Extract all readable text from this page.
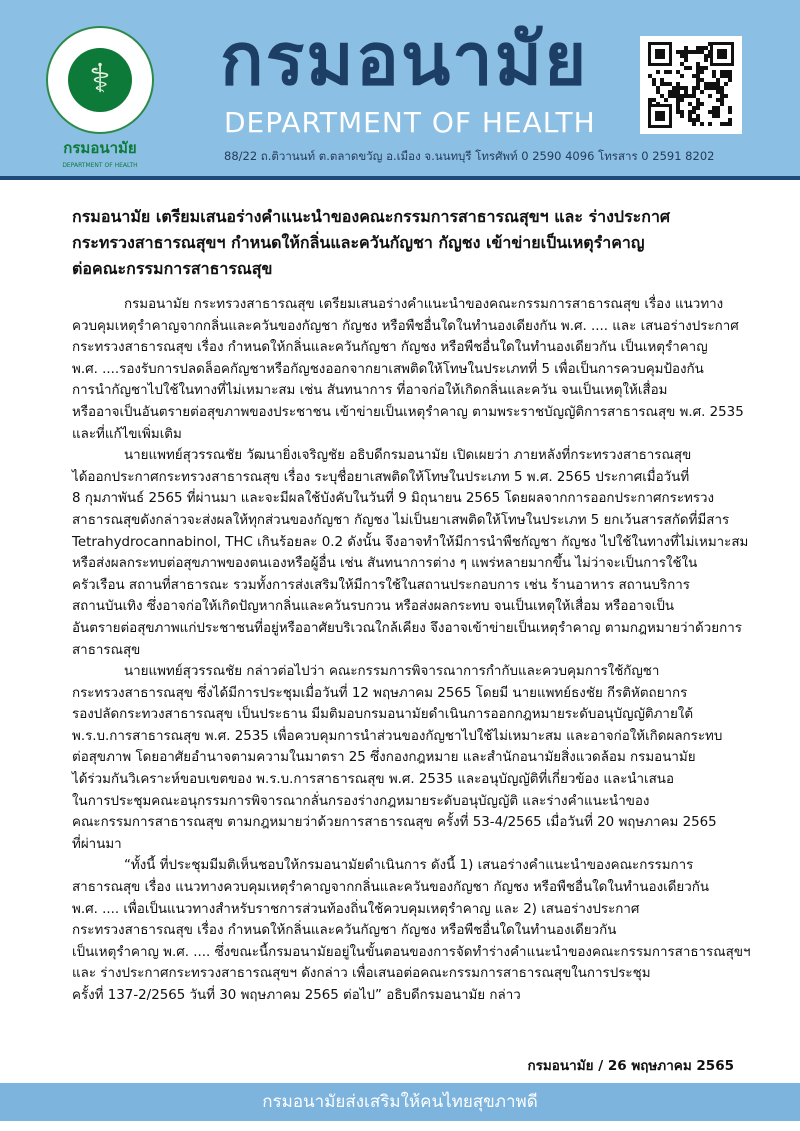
⚕
กรมอนามัย
DEPARTMENT OF HEALTH
กรมอนามัย
DEPARTMENT OF HEALTH
88/22 ถ.ติวานนท์ ต.ตลาดขวัญ อ.เมือง จ.นนทบุรี โทรศัพท์ 0 2590 4096 โทรสาร 0 2591 8202
กรมอนามัย เตรียมเสนอร่างคำแนะนำของคณะกรรมการสาธารณสุขฯ และ ร่างประกาศ
กระทรวงสาธารณสุขฯ กำหนดให้กลิ่นและควันกัญชา กัญชง เข้าข่ายเป็นเหตุรำคาญ
ต่อคณะกรรมการสาธารณสุข
กรมอนามัย กระทรวงสาธารณสุข เตรียมเสนอร่างคำแนะนำของคณะกรรมการสาธารณสุข เรื่อง แนวทาง
ควบคุมเหตุรำคาญจากกลิ่นและควันของกัญชา กัญชง หรือพืชอื่นใดในทำนองเดียงกัน พ.ศ. .... และ เสนอร่างประกาศ
กระทรวงสาธารณสุข เรื่อง กำหนดให้กลิ่นและควันกัญชา กัญชง หรือพืชอื่นใดในทำนองเดียวกัน เป็นเหตุรำคาญ
พ.ศ. ....รองรับการปลดล็อคกัญชาหรือกัญชงออกจากยาเสพติดให้โทษในประเภทที่ 5 เพื่อเป็นการควบคุมป้องกัน
การนำกัญชาไปใช้ในทางที่ไม่เหมาะสม เช่น สันทนาการ ที่อาจก่อให้เกิดกลิ่นและควัน จนเป็นเหตุให้เสื่อม
หรืออาจเป็นอันตรายต่อสุขภาพของประชาชน เข้าข่ายเป็นเหตุรำคาญ ตามพระราชบัญญัติการสาธารณสุข พ.ศ. 2535
และที่แก้ไขเพิ่มเติม
นายแพทย์สุวรรณชัย วัฒนายิ่งเจริญชัย อธิบดีกรมอนามัย เปิดเผยว่า ภายหลังที่กระทรวงสาธารณสุข
ได้ออกประกาศกระทรวงสาธารณสุข เรื่อง ระบุชื่อยาเสพติดให้โทษในประเภท 5 พ.ศ. 2565 ประกาศเมื่อวันที่
8 กุมภาพันธ์ 2565 ที่ผ่านมา และจะมีผลใช้บังคับในวันที่ 9 มิถุนายน 2565 โดยผลจากการออกประกาศกระทรวง
สาธารณสุขดังกล่าวจะส่งผลให้ทุกส่วนของกัญชา กัญชง ไม่เป็นยาเสพติดให้โทษในประเภท 5 ยกเว้นสารสกัดที่มีสาร
Tetrahydrocannabinol, THC เกินร้อยละ 0.2 ดังนั้น จึงอาจทำให้มีการนำพืชกัญชา กัญชง ไปใช้ในทางที่ไม่เหมาะสม
หรือส่งผลกระทบต่อสุขภาพของตนเองหรือผู้อื่น เช่น สันทนาการต่าง ๆ แพร่หลายมากขึ้น ไม่ว่าจะเป็นการใช้ใน
ครัวเรือน สถานที่สาธารณะ รวมทั้งการส่งเสริมให้มีการใช้ในสถานประกอบการ เช่น ร้านอาหาร สถานบริการ
สถานบันเทิง ซึ่งอาจก่อให้เกิดปัญหากลิ่นและควันรบกวน หรือส่งผลกระทบ จนเป็นเหตุให้เสื่อม หรืออาจเป็น
อันตรายต่อสุขภาพแก่ประชาชนที่อยู่หรืออาศัยบริเวณใกล้เคียง จึงอาจเข้าข่ายเป็นเหตุรำคาญ ตามกฎหมายว่าด้วยการ
สาธารณสุข
นายแพทย์สุวรรณชัย กล่าวต่อไปว่า คณะกรรมการพิจารณาการกำกับและควบคุมการใช้กัญชา
กระทรวงสาธารณสุข ซึ่งได้มีการประชุมเมื่อวันที่ 12 พฤษภาคม 2565 โดยมี นายแพทย์ธงชัย กีรติหัตถยากร
รองปลัดกระทวงสาธารณสุข เป็นประธาน มีมติมอบกรมอนามัยดำเนินการออกกฎหมายระดับอนุบัญญัติภายใต้
พ.ร.บ.การสาธารณสุข พ.ศ. 2535 เพื่อควบคุมการนำส่วนของกัญชาไปใช้ไม่เหมาะสม และอาจก่อให้เกิดผลกระทบ
ต่อสุขภาพ โดยอาศัยอำนาจตามความในมาตรา 25 ซึ่งกองกฎหมาย และสำนักอนามัยสิ่งแวดล้อม กรมอนามัย
ได้ร่วมกันวิเคราะห์ขอบเขตของ พ.ร.บ.การสาธารณสุข พ.ศ. 2535 และอนุบัญญัติที่เกี่ยวข้อง และนำเสนอ
ในการประชุมคณะอนุกรรมการพิจารณากลั่นกรองร่างกฎหมายระดับอนุบัญญัติ และร่างคำแนะนำของ
คณะกรรมการสาธารณสุข ตามกฎหมายว่าด้วยการสาธารณสุข ครั้งที่ 53-4/2565 เมื่อวันที่ 20 พฤษภาคม 2565
ที่ผ่านมา
“ทั้งนี้ ที่ประชุมมีมติเห็นชอบให้กรมอนามัยดำเนินการ ดังนี้ 1) เสนอร่างคำแนะนำของคณะกรรมการ
สาธารณสุข เรื่อง แนวทางควบคุมเหตุรำคาญจากกลิ่นและควันของกัญชา กัญชง หรือพืชอื่นใดในทำนองเดียวกัน
พ.ศ. .... เพื่อเป็นแนวทางสำหรับราชการส่วนท้องถิ่นใช้ควบคุมเหตุรำคาญ และ 2) เสนอร่างประกาศ
กระทรวงสาธารณสุข เรื่อง กำหนดให้กลิ่นและควันกัญชา กัญชง หรือพืชอื่นใดในทำนองเดียวกัน
เป็นเหตุรำคาญ พ.ศ. .... ซึ่งขณะนี้กรมอนามัยอยู่ในขั้นตอนของการจัดทำร่างคำแนะนำของคณะกรรมการสาธารณสุขฯ
และ ร่างประกาศกระทรวงสาธารณสุขฯ ดังกล่าว เพื่อเสนอต่อคณะกรรมการสาธารณสุขในการประชุม
ครั้งที่ 137-2/2565 วันที่ 30 พฤษภาคม 2565 ต่อไป” อธิบดีกรมอนามัย กล่าว
กรมอนามัย / 26 พฤษภาคม 2565
กรมอนามัยส่งเสริมให้คนไทยสุขภาพดี
